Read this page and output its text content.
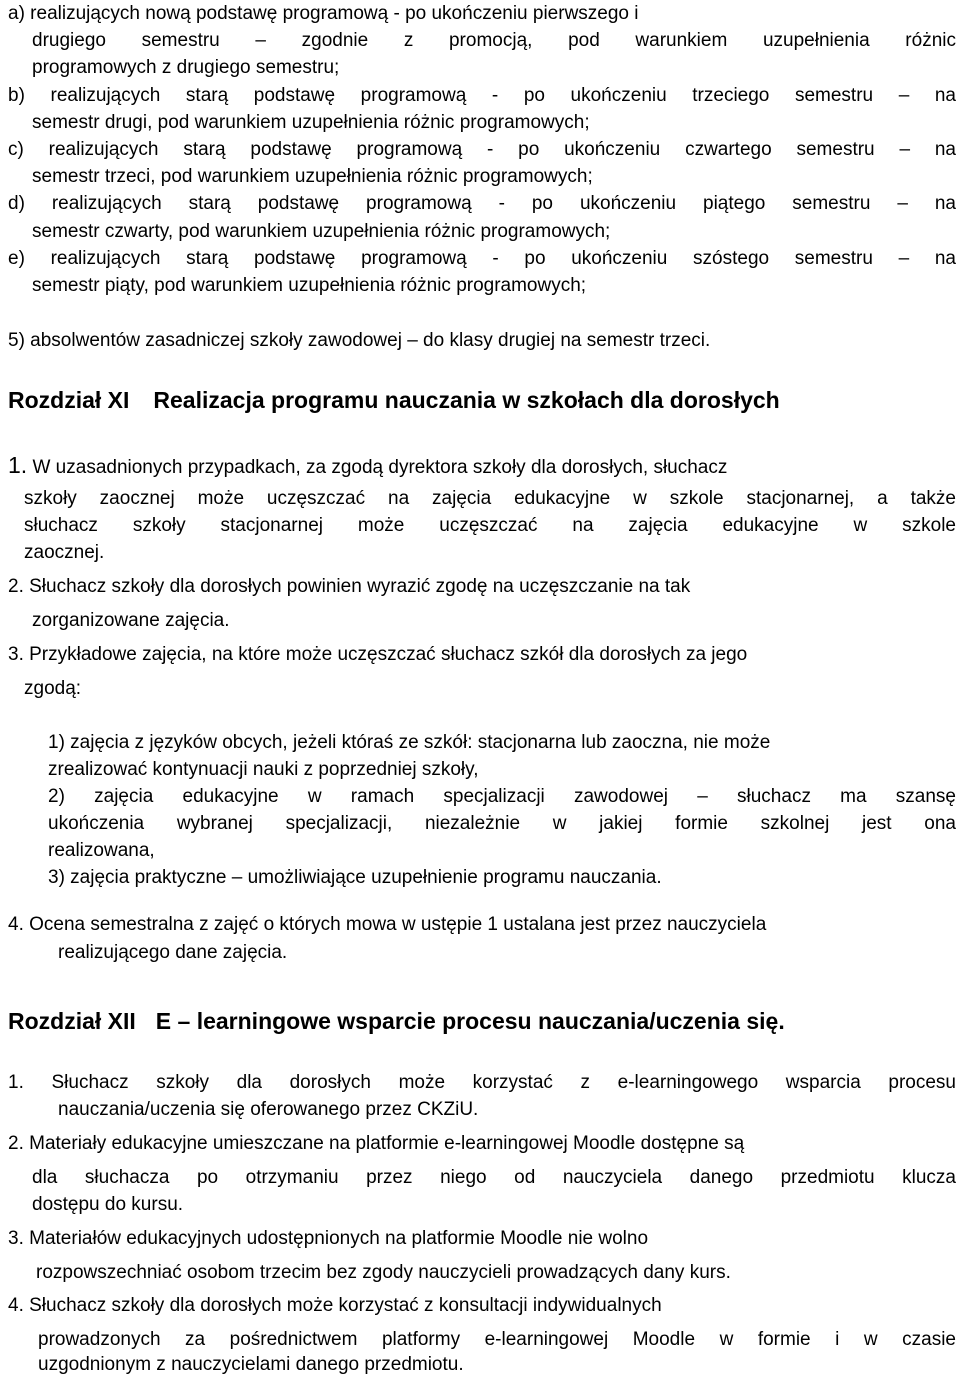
a) realizujących nową podstawę programową - po ukończeniu pierwszego i

drugiego semestru – zgodnie z promocją, pod warunkiem uzupełnienia różnic

programowych z drugiego semestru;

b) realizujących starą podstawę programową - po ukończeniu trzeciego semestru – na

semestr drugi, pod warunkiem uzupełnienia różnic programowych;

c) realizujących starą podstawę programową - po ukończeniu czwartego semestru – na

semestr trzeci, pod warunkiem uzupełnienia różnic programowych;

d) realizujących starą podstawę programową - po ukończeniu piątego semestru – na

semestr czwarty, pod warunkiem uzupełnienia różnic programowych;

e) realizujących starą podstawę programową - po ukończeniu szóstego semestru – na

semestr piąty, pod warunkiem uzupełnienia różnic programowych;

5) absolwentów zasadniczej szkoły zawodowej – do klasy drugiej na semestr trzeci.

Rozdział XI Realizacja programu nauczania w szkołach dla dorosłych

1. W uzasadnionych przypadkach, za zgodą dyrektora szkoły dla dorosłych, słuchacz

szkoły zaocznej może uczęszczać na zajęcia edukacyjne w szkole stacjonarnej, a także

słuchacz szkoły stacjonarnej może uczęszczać na zajęcia edukacyjne w szkole

zaocznej.

2. Słuchacz szkoły dla dorosłych powinien wyrazić zgodę na uczęszczanie na tak

zorganizowane zajęcia.

3. Przykładowe zajęcia, na które może uczęszczać słuchacz szkół dla dorosłych za jego

zgodą:

1) zajęcia z języków obcych, jeżeli któraś ze szkół: stacjonarna lub zaoczna, nie może

zrealizować kontynuacji nauki z poprzedniej szkoły,

2) zajęcia edukacyjne w ramach specjalizacji zawodowej – słuchacz ma szansę

ukończenia wybranej specjalizacji, niezależnie w jakiej formie szkolnej jest ona

realizowana,

3) zajęcia praktyczne – umożliwiające uzupełnienie programu nauczania.

4. Ocena semestralna z zajęć o których mowa w ustępie 1 ustalana jest przez nauczyciela

realizującego dane zajęcia.

Rozdział XII E – learningowe wsparcie procesu nauczania/uczenia się.

1. Słuchacz szkoły dla dorosłych może korzystać z e-learningowego wsparcia procesu

nauczania/uczenia się oferowanego przez CKZiU.

2. Materiały edukacyjne umieszczane na platformie e-learningowej Moodle dostępne są

dla słuchacza po otrzymaniu przez niego od nauczyciela danego przedmiotu klucza

dostępu do kursu.

3. Materiałów edukacyjnych udostępnionych na platformie Moodle nie wolno

rozpowszechniać osobom trzecim bez zgody nauczycieli prowadzących dany kurs.

4. Słuchacz szkoły dla dorosłych może korzystać z konsultacji indywidualnych

prowadzonych za pośrednictwem platformy e-learningowej Moodle w formie i w czasie

uzgodnionym z nauczycielami danego przedmiotu.
